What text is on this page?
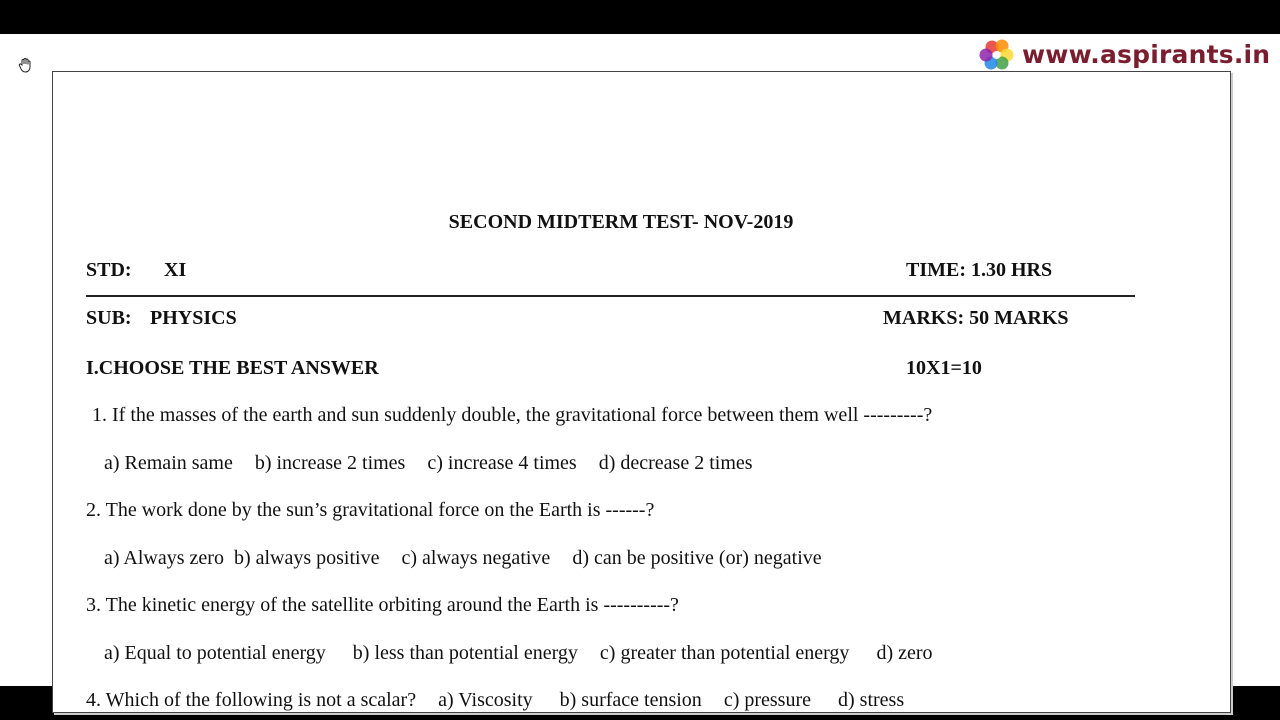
www.aspirants.in
SECOND MIDTERM TEST- NOV-2019
STD: XI	TIME: 1.30 HRS
SUB: PHYSICS	MARKS: 50 MARKS
I.CHOOSE THE BEST ANSWER	10X1=10
1. If the masses of the earth and sun suddenly double, the gravitational force between them well ---------?
a) Remain same b) increase 2 times c) increase 4 times d) decrease 2 times
2. The work done by the sun’s gravitational force on the Earth is ------?
a) Always zero b) always positive c) always negative d) can be positive (or) negative
3. The kinetic energy of the satellite orbiting around the Earth is ----------?
a) Equal to potential energy b) less than potential energy c) greater than potential energy d) zero
4. Which of the following is not a scalar? a) Viscosity b) surface tension c) pressure d) stress
